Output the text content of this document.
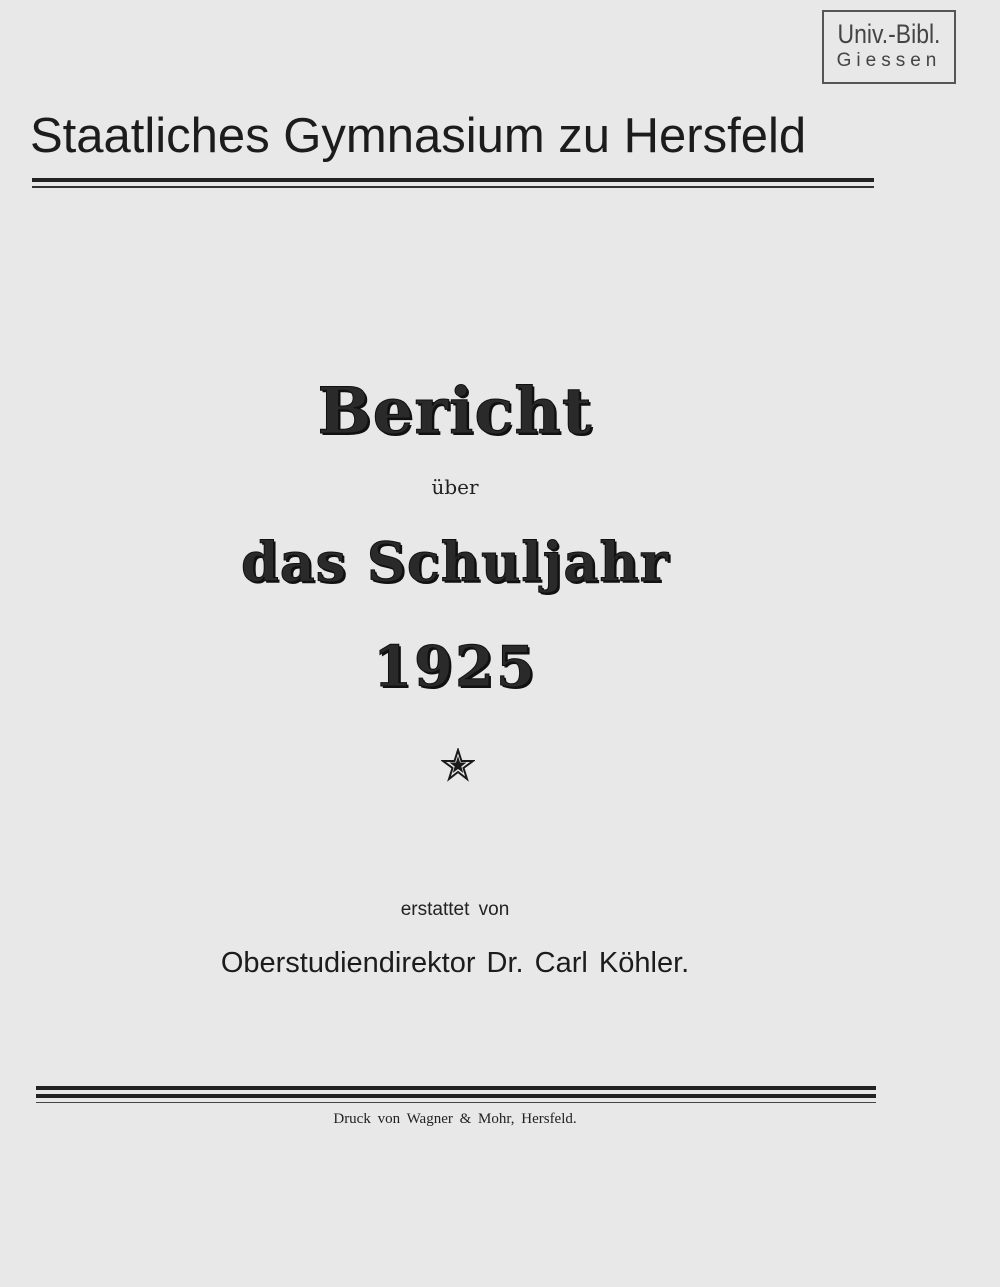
Univ.-Bibl.
Giessen
Staatliches Gymnasium zu Hersfeld
Bericht
über
das Schuljahr
1925
erstattet von
Oberstudiendirektor Dr. Carl Köhler.
Druck von Wagner & Mohr, Hersfeld.
